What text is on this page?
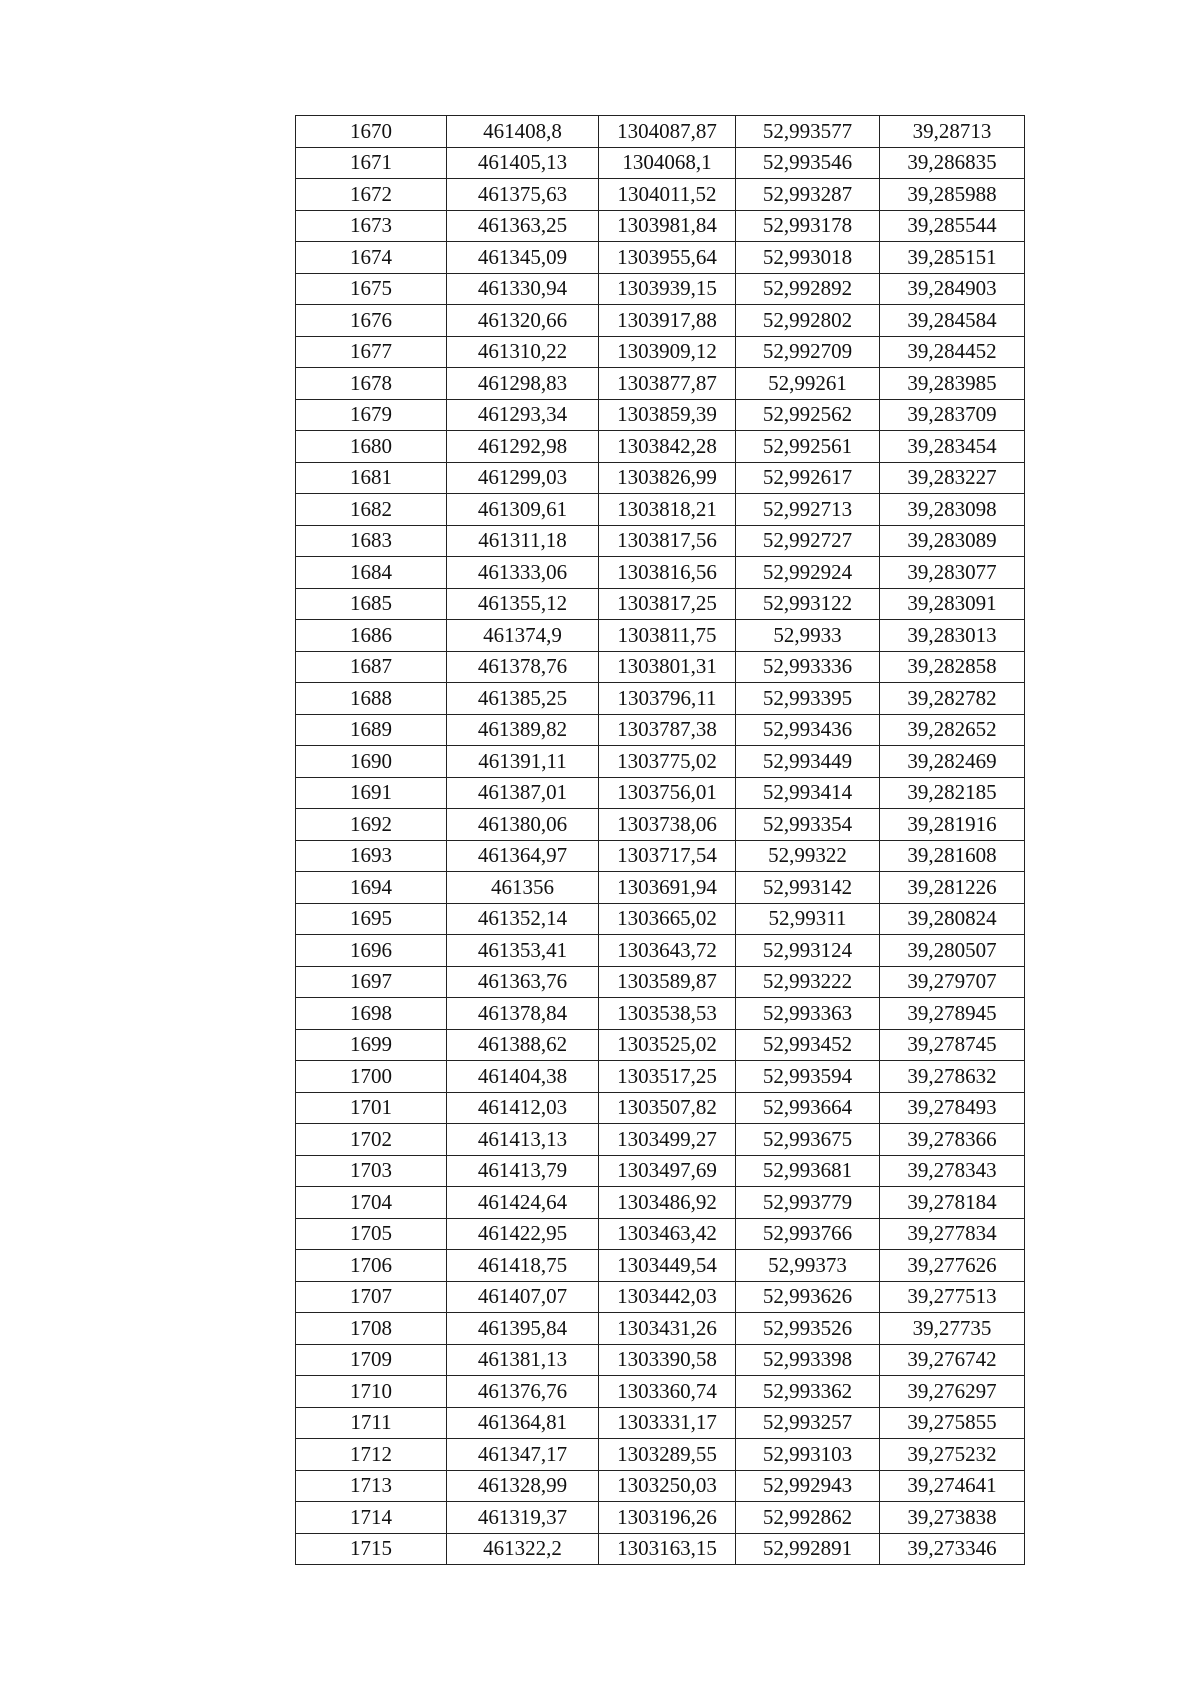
1670	461408,8	1304087,87	52,993577	39,28713
1671	461405,13	1304068,1	52,993546	39,286835
1672	461375,63	1304011,52	52,993287	39,285988
1673	461363,25	1303981,84	52,993178	39,285544
1674	461345,09	1303955,64	52,993018	39,285151
1675	461330,94	1303939,15	52,992892	39,284903
1676	461320,66	1303917,88	52,992802	39,284584
1677	461310,22	1303909,12	52,992709	39,284452
1678	461298,83	1303877,87	52,99261	39,283985
1679	461293,34	1303859,39	52,992562	39,283709
1680	461292,98	1303842,28	52,992561	39,283454
1681	461299,03	1303826,99	52,992617	39,283227
1682	461309,61	1303818,21	52,992713	39,283098
1683	461311,18	1303817,56	52,992727	39,283089
1684	461333,06	1303816,56	52,992924	39,283077
1685	461355,12	1303817,25	52,993122	39,283091
1686	461374,9	1303811,75	52,9933	39,283013
1687	461378,76	1303801,31	52,993336	39,282858
1688	461385,25	1303796,11	52,993395	39,282782
1689	461389,82	1303787,38	52,993436	39,282652
1690	461391,11	1303775,02	52,993449	39,282469
1691	461387,01	1303756,01	52,993414	39,282185
1692	461380,06	1303738,06	52,993354	39,281916
1693	461364,97	1303717,54	52,99322	39,281608
1694	461356	1303691,94	52,993142	39,281226
1695	461352,14	1303665,02	52,99311	39,280824
1696	461353,41	1303643,72	52,993124	39,280507
1697	461363,76	1303589,87	52,993222	39,279707
1698	461378,84	1303538,53	52,993363	39,278945
1699	461388,62	1303525,02	52,993452	39,278745
1700	461404,38	1303517,25	52,993594	39,278632
1701	461412,03	1303507,82	52,993664	39,278493
1702	461413,13	1303499,27	52,993675	39,278366
1703	461413,79	1303497,69	52,993681	39,278343
1704	461424,64	1303486,92	52,993779	39,278184
1705	461422,95	1303463,42	52,993766	39,277834
1706	461418,75	1303449,54	52,99373	39,277626
1707	461407,07	1303442,03	52,993626	39,277513
1708	461395,84	1303431,26	52,993526	39,27735
1709	461381,13	1303390,58	52,993398	39,276742
1710	461376,76	1303360,74	52,993362	39,276297
1711	461364,81	1303331,17	52,993257	39,275855
1712	461347,17	1303289,55	52,993103	39,275232
1713	461328,99	1303250,03	52,992943	39,274641
1714	461319,37	1303196,26	52,992862	39,273838
1715	461322,2	1303163,15	52,992891	39,273346
